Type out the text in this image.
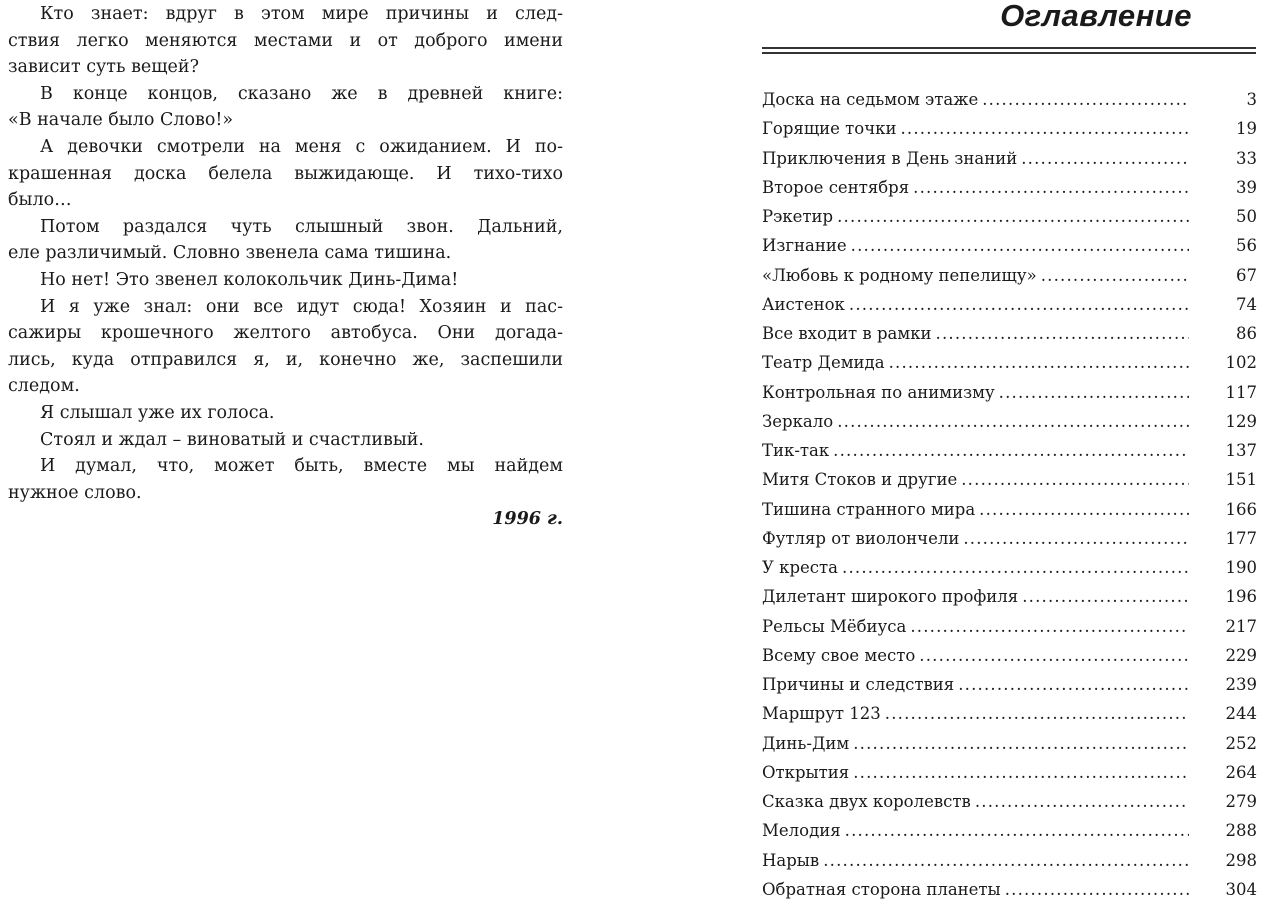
Кто знает: вдруг в этом мире причины и след-
ствия легко меняются местами и от доброго имени
зависит суть вещей?
В конце концов, сказано же в древней книге:
«В начале было Слово!»
А девочки смотрели на меня с ожиданием. И по-
крашенная доска белела выжидающе. И тихо-тихо
было…
Потом раздался чуть слышный звон. Дальний,
еле различимый. Словно звенела сама тишина.
Но нет! Это звенел колокольчик Динь-Дима!
И я уже знал: они все идут сюда! Хозяин и пас-
сажиры крошечного желтого автобуса. Они догада-
лись, куда отправился я, и, конечно же, заспешили
следом.
Я слышал уже их голоса.
Стоял и ждал – виноватый и счастливый.
И думал, что, может быть, вместе мы найдем
нужное слово.
1996 г.
Оглавление
Доска на седьмом этаже .....	3
Горящие точки .....	19
Приключения в День знаний .....	33
Второе сентября .....	39
Рэкетир .....	50
Изгнание .....	56
«Любовь к родному пепелищу» .....	67
Аистенок .....	74
Все входит в рамки .....	86
Театр Демида .....	102
Контрольная по анимизму .....	117
Зеркало .....	129
Тик-так .....	137
Митя Стоков и другие .....	151
Тишина странного мира .....	166
Футляр от виолончели .....	177
У креста .....	190
Дилетант широкого профиля .....	196
Рельсы Мёбиуса .....	217
Всему свое место .....	229
Причины и следствия .....	239
Маршрут 123 .....	244
Динь-Дим .....	252
Открытия .....	264
Сказка двух королевств .....	279
Мелодия .....	288
Нарыв .....	298
Обратная сторона планеты .....	304
